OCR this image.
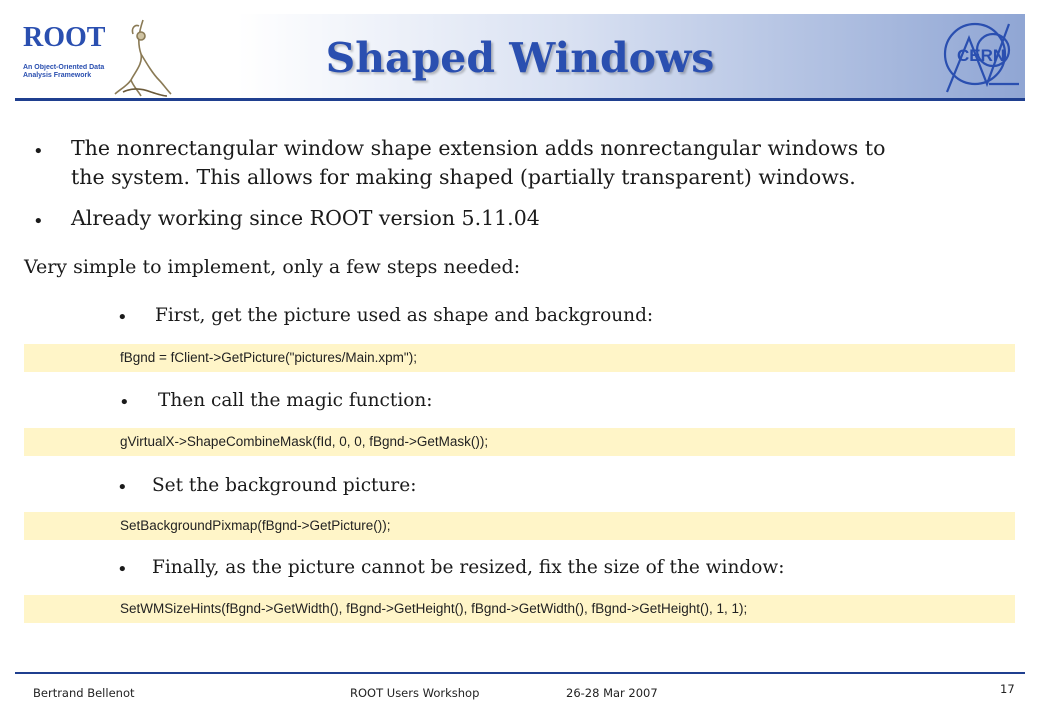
ROOT
An Object-Oriented Data Analysis Framework
CERN
Shaped Windows
• The nonrectangular window shape extension adds nonrectangular windows to
the system. This allows for making shaped (partially transparent) windows.
• Already working since ROOT version 5.11.04
Very simple to implement, only a few steps needed:
• First, get the picture used as shape and background:
fBgnd = fClient->GetPicture("pictures/Main.xpm");
• Then call the magic function:
gVirtualX->ShapeCombineMask(fId, 0, 0, fBgnd->GetMask());
• Set the background picture:
SetBackgroundPixmap(fBgnd->GetPicture());
• Finally, as the picture cannot be resized, fix the size of the window:
SetWMSizeHints(fBgnd->GetWidth(), fBgnd->GetHeight(), fBgnd->GetWidth(), fBgnd->GetHeight(), 1, 1);
Bertrand Bellenot	ROOT Users Workshop	26-28 Mar 2007	17
